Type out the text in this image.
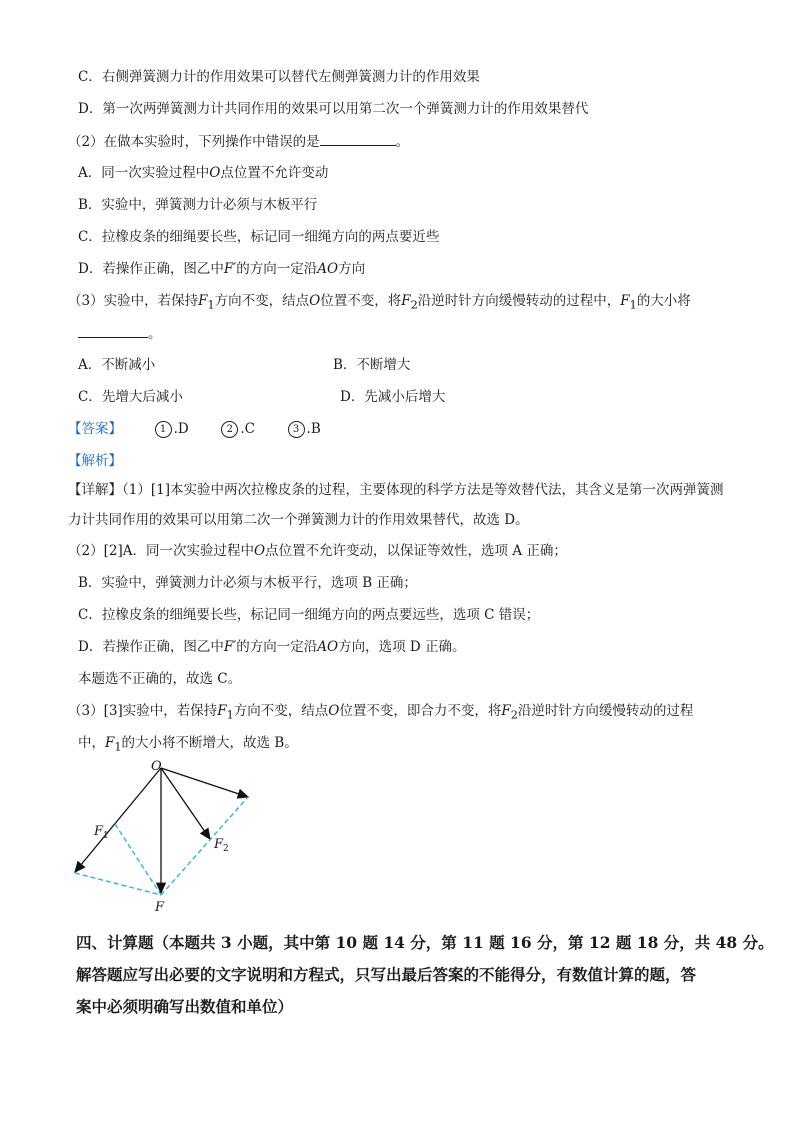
C．右侧弹簧测力计的作用效果可以替代左侧弹簧测力计的作用效果
D．第一次两弹簧测力计共同作用的效果可以用第二次一个弹簧测力计的作用效果替代
（2）在做本实验时，下列操作中错误的是	。
A．同一次实验过程中O点位置不允许变动
B．实验中，弹簧测力计必须与木板平行
C．拉橡皮条的细绳要长些，标记同一细绳方向的两点要近些
D．若操作正确，图乙中F′的方向一定沿AO方向
（3）实验中，若保持$F_1$方向不变，结点O位置不变，将$F_2$沿逆时针方向缓慢转动的过程中，$F_1$的大小将
。
A．不断减小	B．不断增大
C．先增大后减小	D．先减小后增大
【答案】	1 .D	2 .C	3 .B
【解析】
【详解】（1）[1]本实验中两次拉橡皮条的过程，主要体现的科学方法是等效替代法，其含义是第一次两弹簧测力计共同作用的效果可以用第二次一个弹簧测力计的作用效果替代，故选 D。
（2）[2]A．同一次实验过程中O点位置不允许变动，以保证等效性，选项 A 正确；
B．实验中，弹簧测力计必须与木板平行，选项 B 正确；
C．拉橡皮条的细绳要长些，标记同一细绳方向的两点要远些，选项 C 错误；
D．若操作正确，图乙中F′的方向一定沿AO方向，选项 D 正确。
本题选不正确的，故选 C。
（3）[3]实验中，若保持$F_1$方向不变，结点O位置不变，即合力不变，将$F_2$沿逆时针方向缓慢转动的过程
中，$F_1$的大小将不断增大，故选 B。
O
F
$F_1$
$F_2$
四、计算题（本题共 3 小题，其中第 10 题 14 分，第 11 题 16 分，第 12 题 18 分，共 48 分。
解答题应写出必要的文字说明和方程式，只写出最后答案的不能得分，有数值计算的题，答
案中必须明确写出数值和单位）
